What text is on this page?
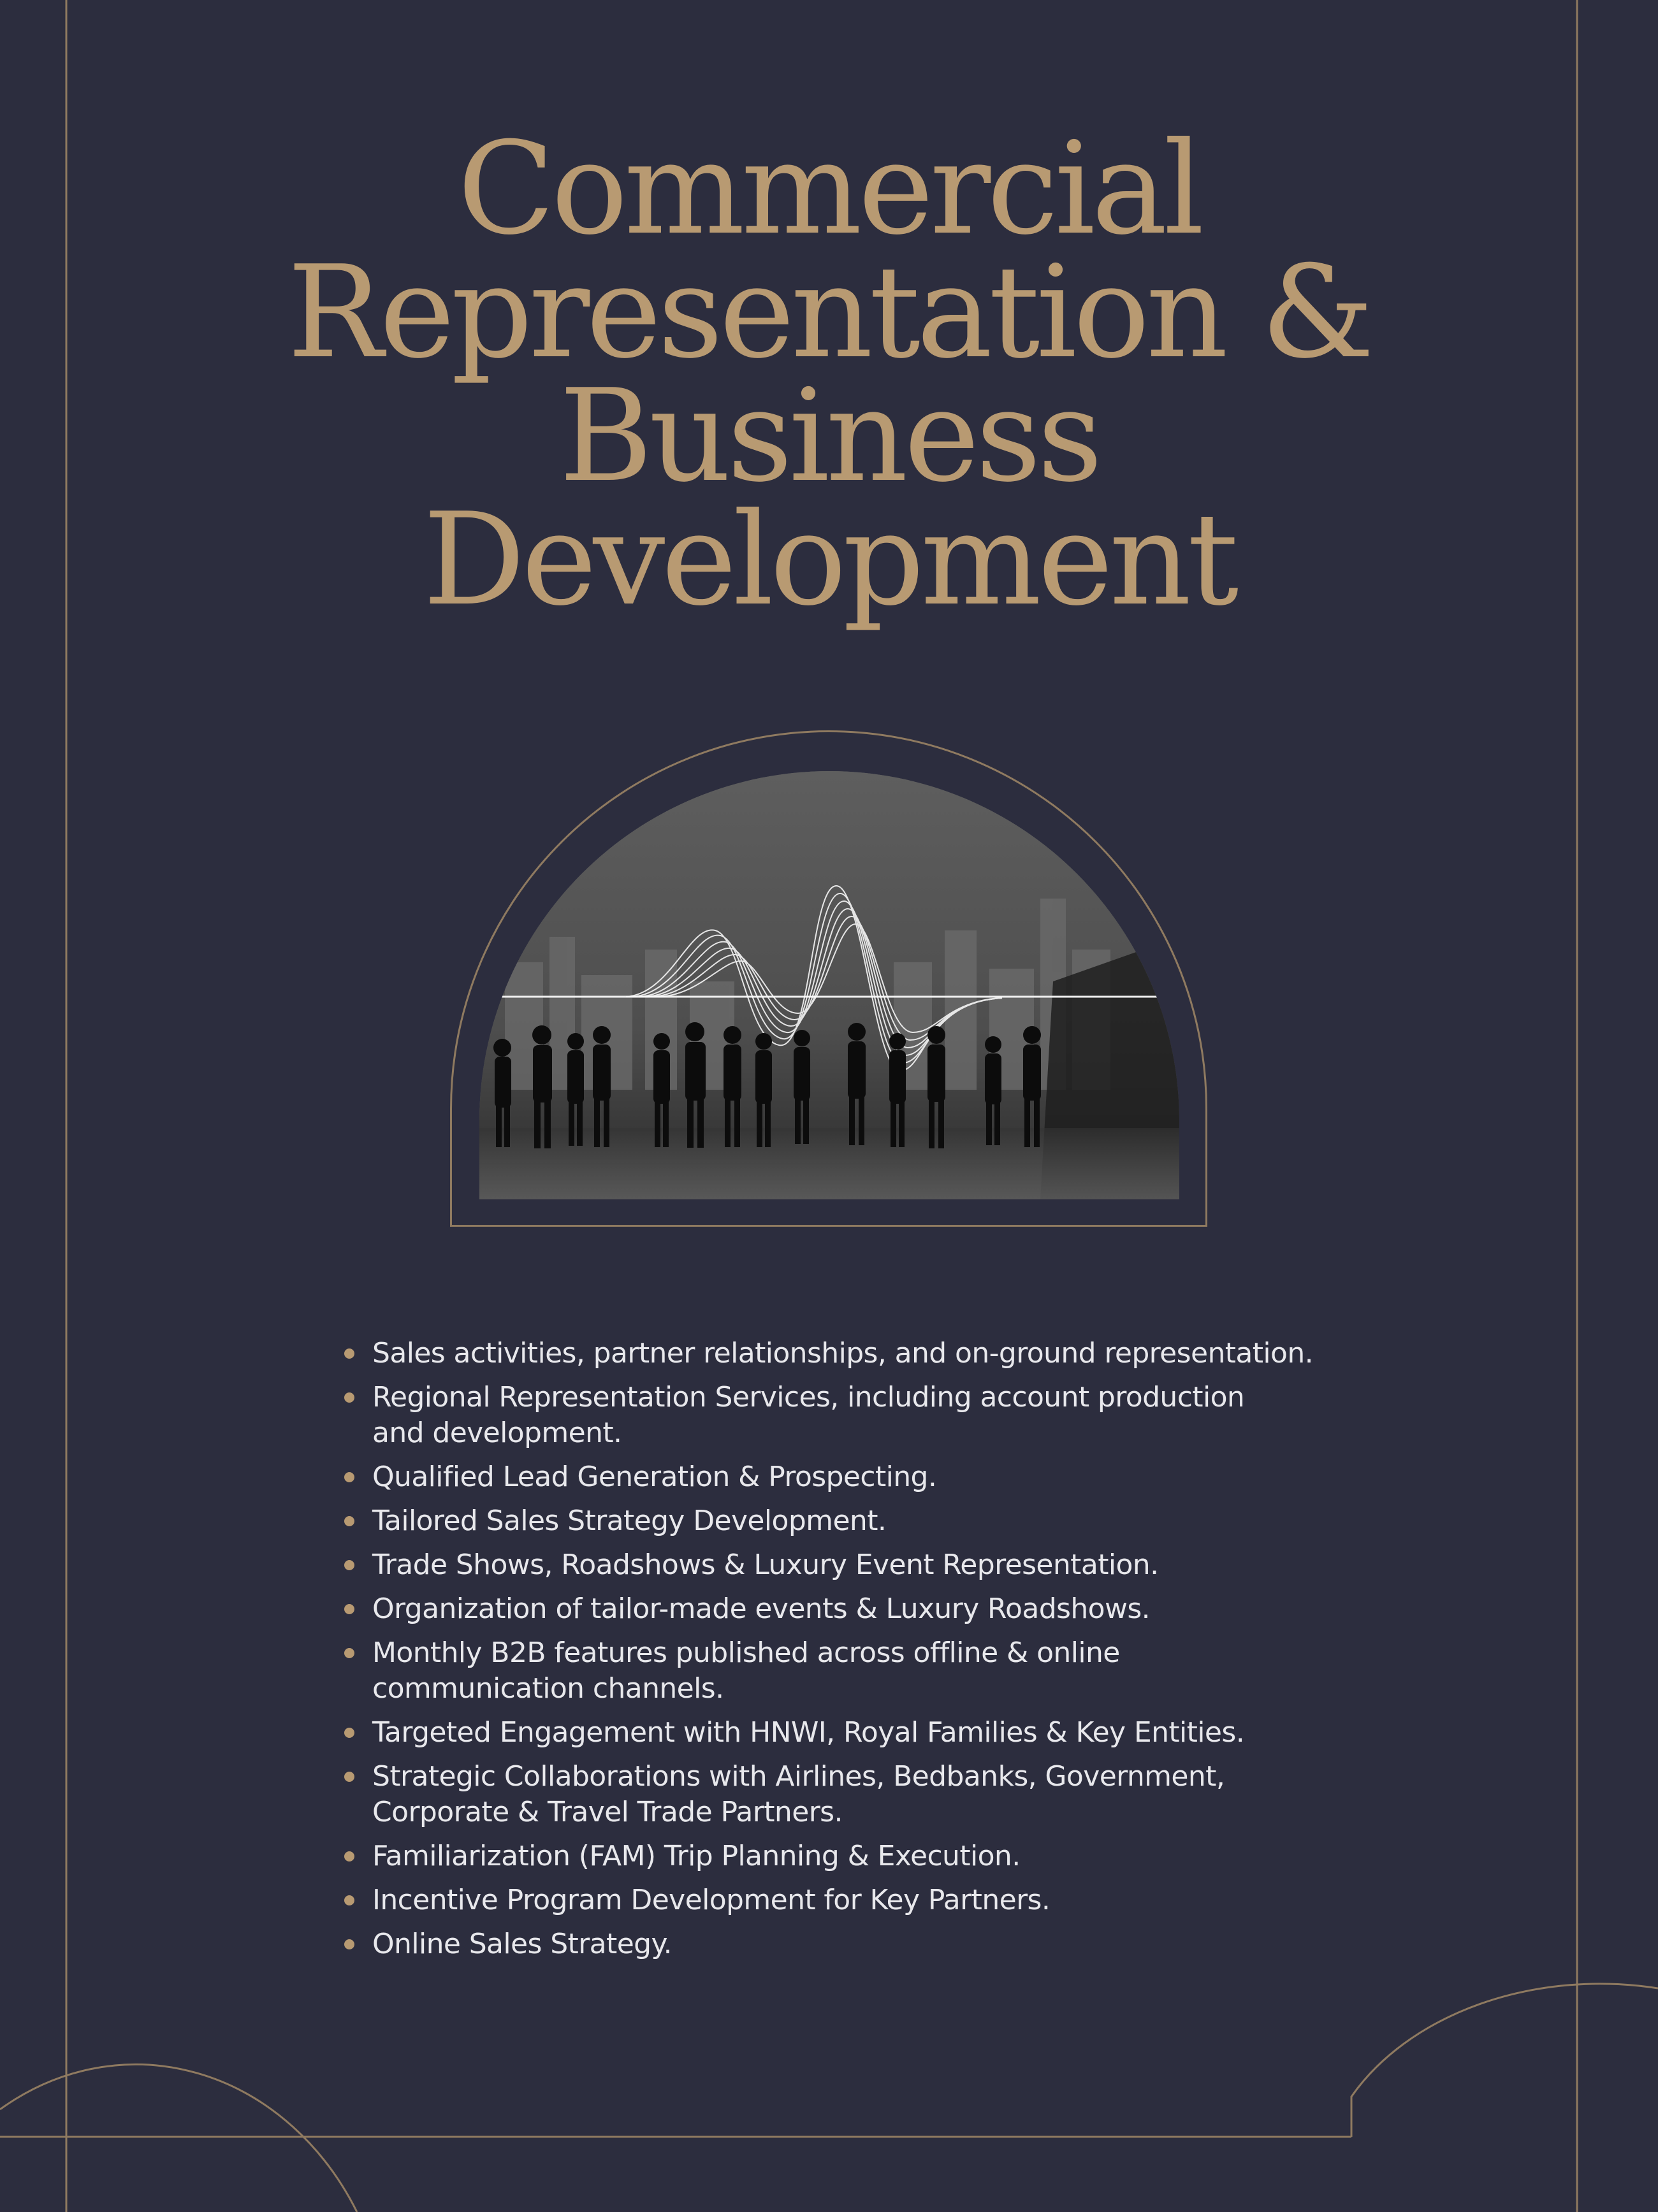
Commercial
Representation &
Business
Development
Sales activities, partner relationships, and on-ground representation.
Regional Representation Services, including account production and development.
Qualified Lead Generation & Prospecting.
Tailored Sales Strategy Development.
Trade Shows, Roadshows & Luxury Event Representation.
Organization of tailor-made events & Luxury Roadshows.
Monthly B2B features published across offline & online communication channels.
Targeted Engagement with HNWI, Royal Families & Key Entities.
Strategic Collaborations with Airlines, Bedbanks, Government, Corporate & Travel Trade Partners.
Familiarization (FAM) Trip Planning & Execution.
Incentive Program Development for Key Partners.
Online Sales Strategy.
